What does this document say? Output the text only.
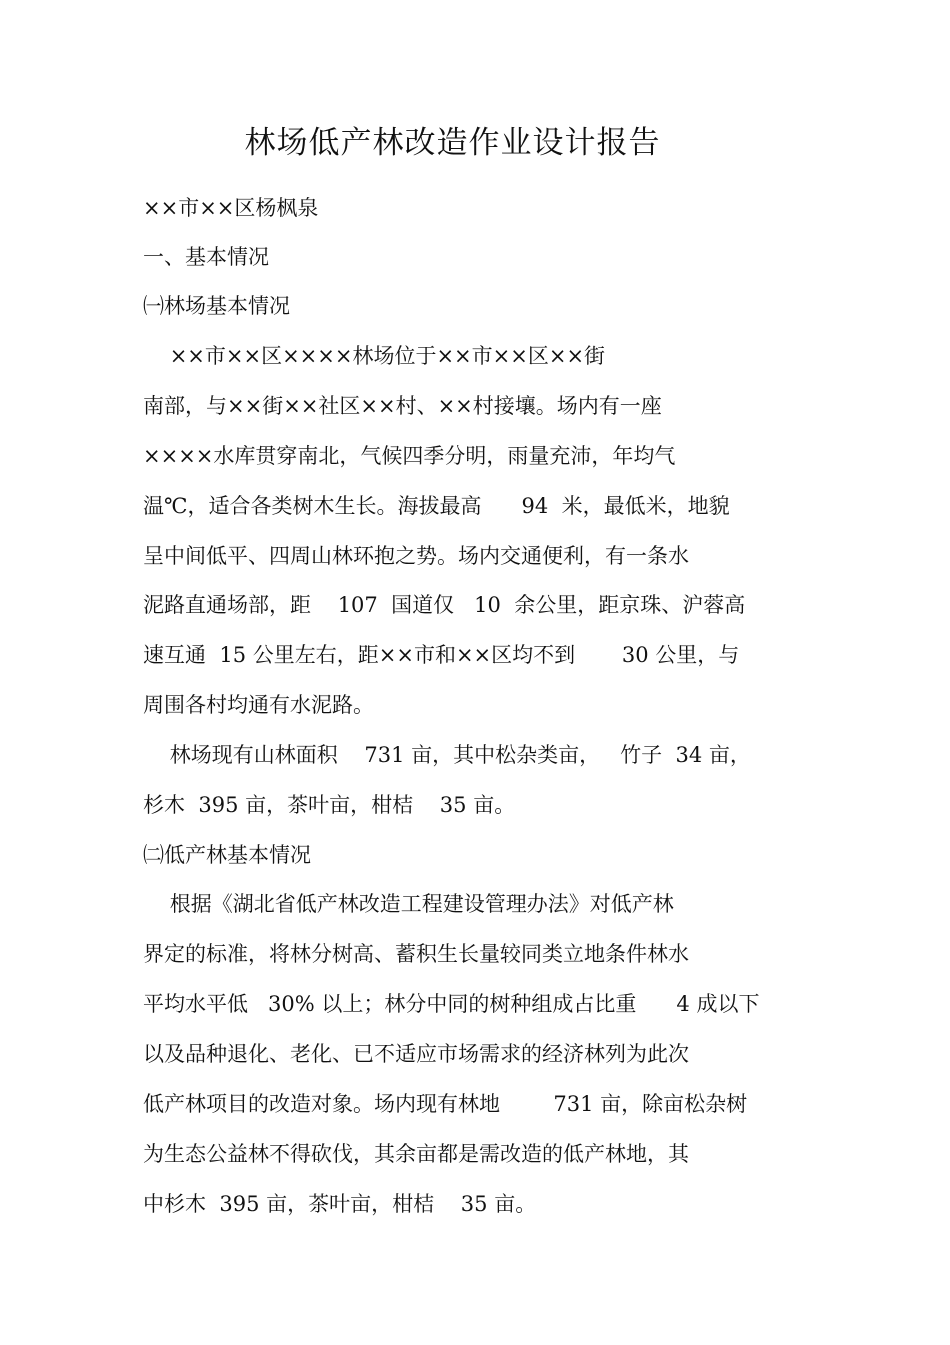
林场低产林改造作业设计报告
××市××区杨枫泉
一、基本情况
㈠林场基本情况
××市××区××××林场位于××市××区××街
南部，与××街××社区××村、××村接壤。场内有一座
××××水库贯穿南北，气候四季分明，雨量充沛，年均气
温℃，适合各类树木生长。海拔最高      94  米，最低米，地貌
呈中间低平、四周山林环抱之势。场内交通便利，有一条水
泥路直通场部，距    107  国道仅   10  余公里，距京珠、沪蓉高
速互通  15 公里左右，距××市和××区均不到       30 公里，与
周围各村均通有水泥路。
林场现有山林面积    731 亩，其中松杂类亩，   竹子  34 亩，
杉木  395 亩，茶叶亩，柑桔    35 亩。
㈡低产林基本情况
根据《湖北省低产林改造工程建设管理办法》对低产林
界定的标准，将林分树高、蓄积生长量较同类立地条件林水
平均水平低   30% 以上；林分中同的树种组成占比重      4 成以下
以及品种退化、老化、已不适应市场需求的经济林列为此次
低产林项目的改造对象。场内现有林地        731 亩，除亩松杂树
为生态公益林不得砍伐，其余亩都是需改造的低产林地，其
中杉木  395 亩，茶叶亩，柑桔    35 亩。
